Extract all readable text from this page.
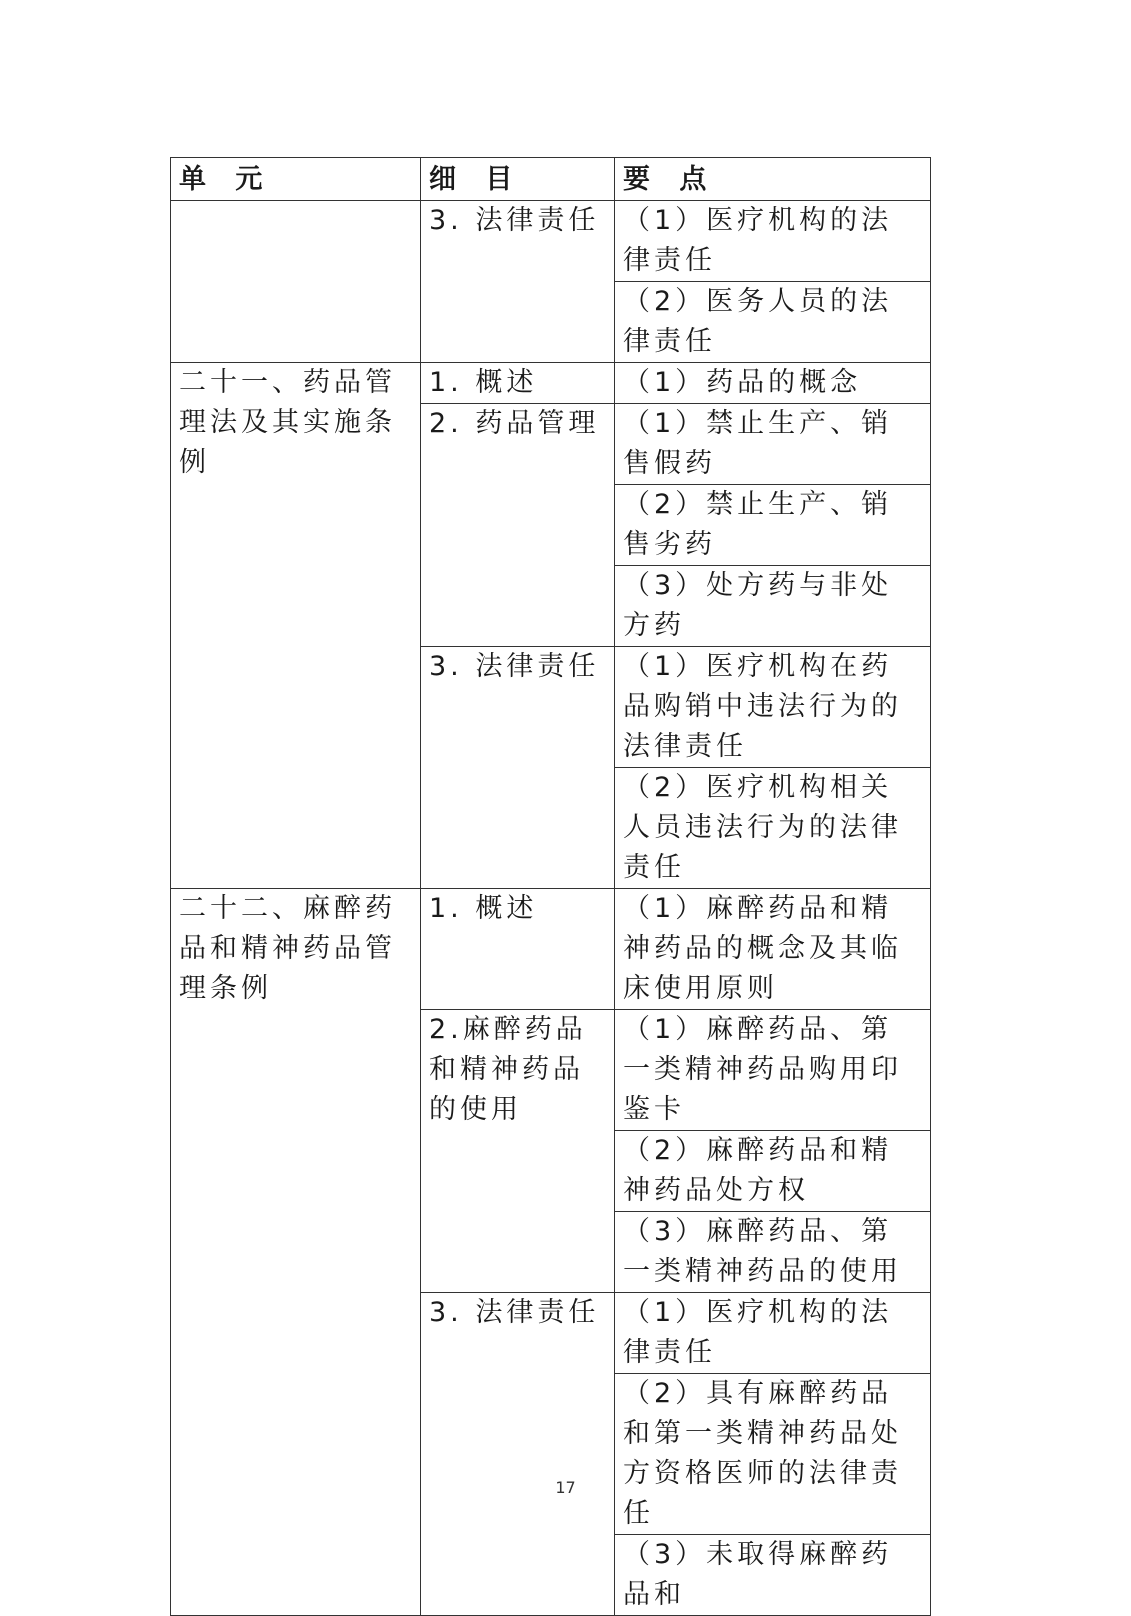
单 元	细 目	要 点
	3. 法律责任	（1）医疗机构的法律责任
		（2）医务人员的法律责任
二十一、药品管理法及其实施条例	1. 概述	（1）药品的概念
	2. 药品管理	（1）禁止生产、销售假药
		（2）禁止生产、销售劣药
		（3）处方药与非处方药
	3. 法律责任	（1）医疗机构在药品购销中违法行为的法律责任
		（2）医疗机构相关人员违法行为的法律责任
二十二、麻醉药品和精神药品管理条例	1. 概述	（1）麻醉药品和精神药品的概念及其临床使用原则
	2.麻醉药品和精神药品的使用	（1）麻醉药品、第一类精神药品购用印鉴卡
		（2）麻醉药品和精神药品处方权
		（3）麻醉药品、第一类精神药品的使用
	3. 法律责任	（1）医疗机构的法律责任
		（2）具有麻醉药品和第一类精神药品处方资格医师的法律责任
		（3）未取得麻醉药品和
17
